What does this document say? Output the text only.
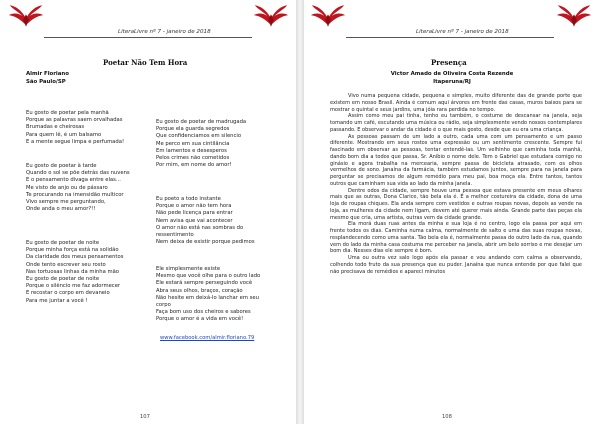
LiteraLivre nº 7 - janeiro de 2018
Poetar Não Tem Hora
Almir Floriano
São Paulo/SP
Eu gosto de poetar pela manhã
Porque as palavras saem orvalhadas
Brumadas e cheirosas
Para quem lê, é um balsamo
E a mente segue limpa e perfumada!
Eu gosto de poetar à tarde
Quando o sol se põe detrás das nuvens
E o pensamento divaga entre elas...
Me visto de anjo ou de pássaro
Te procurando na imensidão multicor
Vivo sempre me perguntando,
Onde anda o meu amor?!!
Eu gosto de poetar de noite
Porque minha força está na solidão
Da claridade dos meus pensamentos
Onde tento escrever seu rosto
Nas tortuosas linhas da minha mão
Eu gosto de poetar de noite
Porque o silêncio me faz adormecer
E recostar o corpo em devaneio
Para me juntar a você !
Eu gosto de poetar de madrugada
Porque ela guarda segredos
Que confidenciamos em silencio
Me perco em sua cintilância
Em lamentos e desesperos
Pelos crimes não cometidos
Por mim, em nome do amor!
Eu poeto a todo instante
Porque o amor não tem hora
Não pede licença para entrar
Nem avisa que vai acontecer
O amor não está nas sombras do
ressentimento
Nem deixa de existir porque pedimos
Ele simplesmente existe
Mesmo que você olhe para o outro lado
Ele estará sempre perseguindo você
Abra seus olhos, braços, coração
Não hesite em deixá-lo lanchar em seu
corpo
Faça bom uso dos cheiros e sabores
Porque o amor é a vida em você!
www.facebook.com/almir.floriano.79
107
LiteraLivre nº 7 - janeiro de 2018
Presença
Victor Amado de Oliveira Costa Rezende
Itaperuna/RJ

Vivo numa pequena cidade, pequena e simples, muito diferente das de grande porte que existem em nosso Brasil. Ainda é comum aqui árvores em frente das casas, muros baixos para se mostrar o quintal e seus jardins, uma jóia rara perdida no tempo.

Assim como meu pai tinha, tenho eu também, o costume de descansar na janela, seja tomando um café, escutando uma música ou rádio, seja simplesmente vendo nossos contemplares passando. E observar o andar da cidade é o que mais gosto, desde que eu era uma criança.

As pessoas passam de um lado a outro, cada uma com um pensamento e um passo diferente. Mostrando em seus rostos uma expressão ou um sentimento crescente. Sempre fui fascinado em observar as pessoas, tentar entendê-las. Um velhinho que caminha toda manhã, dando bom dia a todos que passa, Sr. Aníbio o nome dele. Tem o Gabriel que estudara comigo no ginásio e agora trabalha na mercearia, sempre passa de bicicleta atrasado, com os olhos vermelhos de sono. Janaína da farmácia, também estudamos juntos, sempre para na janela para perguntar se precisamos de algum remédio para meu pai, boa moça ela. Entre tantos, tantos outros que caminham sua vida ao lado da minha janela.

Dentre odos da cidade, sempre houve uma pessoa que estava presente em meus olhares mais que as outras, Dona Clarice, tão bela ela é. É a melhor costureira da cidade, dona de uma loja de roupas chiques. Ela anda sempre com vestidos e outras roupas novas, depois as vende na loja, as mulheres da cidade nem ligam, devem até querer mais ainda. Grande parte das peças ela mesmo que cria, uma artista, outras vem da cidade grande.

Ela morá duas ruas antes da minha e sua loja é no centro, logo ela passa por aqui em frente todos os dias. Caminha numa calma, normalmente de salto e uma das suas roupas novas, resplandecendo como uma santa. Tão bela ela é, normalmente passa do outro lado da rua, quando vem do lado da minha casa costuma me perceber na janela, abrir um belo sorriso e me desejar um bom dia. Nesses dias ele sempre é bom.

Uma ou outra vez salo logo após ela passar e vou andando com calma a observando, colhendo todo fruto da sua presença que eu puder. Janaína que nunca entende por que falei que não precisava de remédios e apareci minutos

108
